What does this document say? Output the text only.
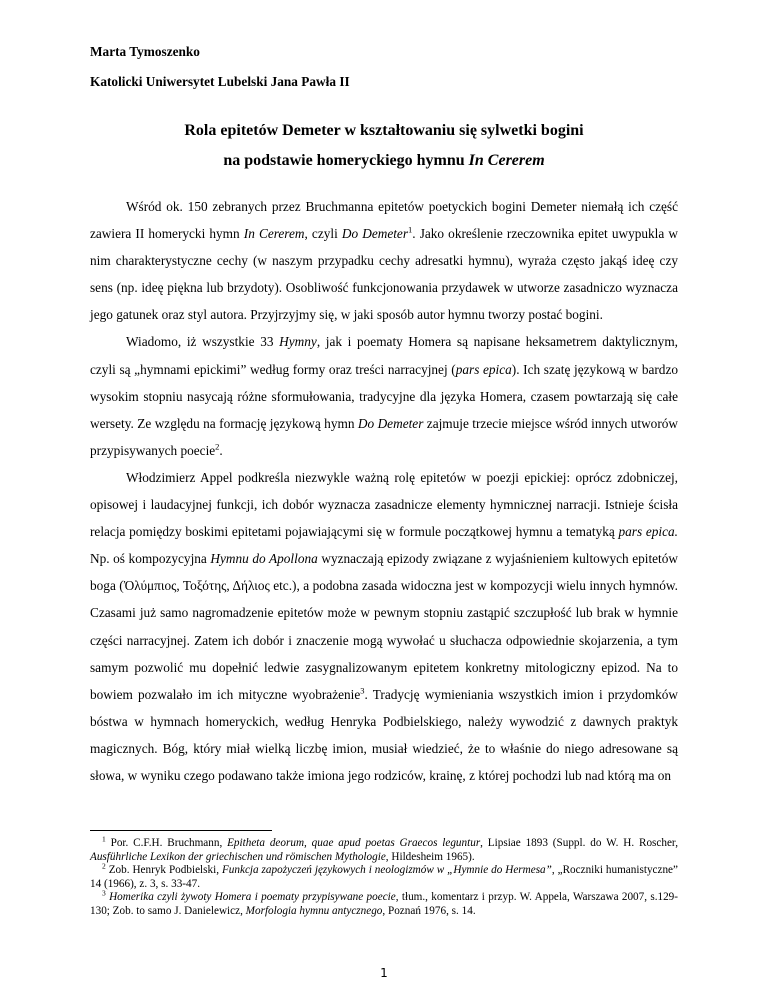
Marta Tymoszenko
Katolicki Uniwersytet Lubelski Jana Pawła II
Rola epitetów Demeter w kształtowaniu się sylwetki bogini
na podstawie homeryckiego hymnu In Cererem

Wśród ok. 150 zebranych przez Bruchmanna epitetów poetyckich bogini Demeter niemałą ich część zawiera II homerycki hymn In Cererem, czyli Do Demeter$^1$. Jako określenie rzeczownika epitet uwypukla w nim charakterystyczne cechy (w naszym przypadku cechy adresatki hymnu), wyraża często jakąś ideę czy sens (np. ideę piękna lub brzydoty). Osobliwość funkcjonowania przydawek w utworze zasadniczo wyznacza jego gatunek oraz styl autora. Przyjrzyjmy się, w jaki sposób autor hymnu tworzy postać bogini.

Wiadomo, iż wszystkie 33 Hymny, jak i poematy Homera są napisane heksametrem daktylicznym, czyli są „hymnami epickimi” według formy oraz treści narracyjnej (pars epica). Ich szatę językową w bardzo wysokim stopniu nasycają różne sformułowania, tradycyjne dla języka Homera, czasem powtarzają się całe wersety. Ze względu na formację językową hymn Do Demeter zajmuje trzecie miejsce wśród innych utworów przypisywanych poecie$^2$.

Włodzimierz Appel podkreśla niezwykle ważną rolę epitetów w poezji epickiej: oprócz zdobniczej, opisowej i laudacyjnej funkcji, ich dobór wyznacza zasadnicze elementy hymnicznej narracji. Istnieje ścisła relacja pomiędzy boskimi epitetami pojawiającymi się w formule początkowej hymnu a tematyką pars epica. Np. oś kompozycyjna Hymnu do Apollona wyznaczają epizody związane z wyjaśnieniem kultowych epitetów boga (Ὀλύμπιος, Τοξότης, Δήλιος etc.), a podobna zasada widoczna jest w kompozycji wielu innych hymnów. Czasami już samo nagromadzenie epitetów może w pewnym stopniu zastąpić szczupłość lub brak w hymnie części narracyjnej. Zatem ich dobór i znaczenie mogą wywołać u słuchacza odpowiednie skojarzenia, a tym samym pozwolić mu dopełnić ledwie zasygnalizowanym epitetem konkretny mitologiczny epizod. Na to bowiem pozwalało im ich mityczne wyobrażenie$^3$. Tradycję wymieniania wszystkich imion i przydomków bóstwa w hymnach homeryckich, według Henryka Podbielskiego, należy wywodzić z dawnych praktyk magicznych. Bóg, który miał wielką liczbę imion, musiał wiedzieć, że to właśnie do niego adresowane są słowa, w wyniku czego podawano także imiona jego rodziców, krainę, z której pochodzi lub nad którą ma on

$^1$ Por. C.F.H. Bruchmann, Epitheta deorum, quae apud poetas Graecos leguntur, Lipsiae 1893 (Suppl. do W. H. Roscher, Ausführliche Lexikon der griechischen und römischen Mythologie, Hildesheim 1965).

$^2$ Zob. Henryk Podbielski, Funkcja zapożyczeń językowych i neologizmów w „Hymnie do Hermesa”, „Roczniki humanistyczne” 14 (1966), z. 3, s. 33-47.

$^3$ Homerika czyli żywoty Homera i poematy przypisywane poecie, tłum., komentarz i przyp. W. Appela, Warszawa 2007, s.129-130; Zob. to samo J. Danielewicz, Morfologia hymnu antycznego, Poznań 1976, s. 14.

1
